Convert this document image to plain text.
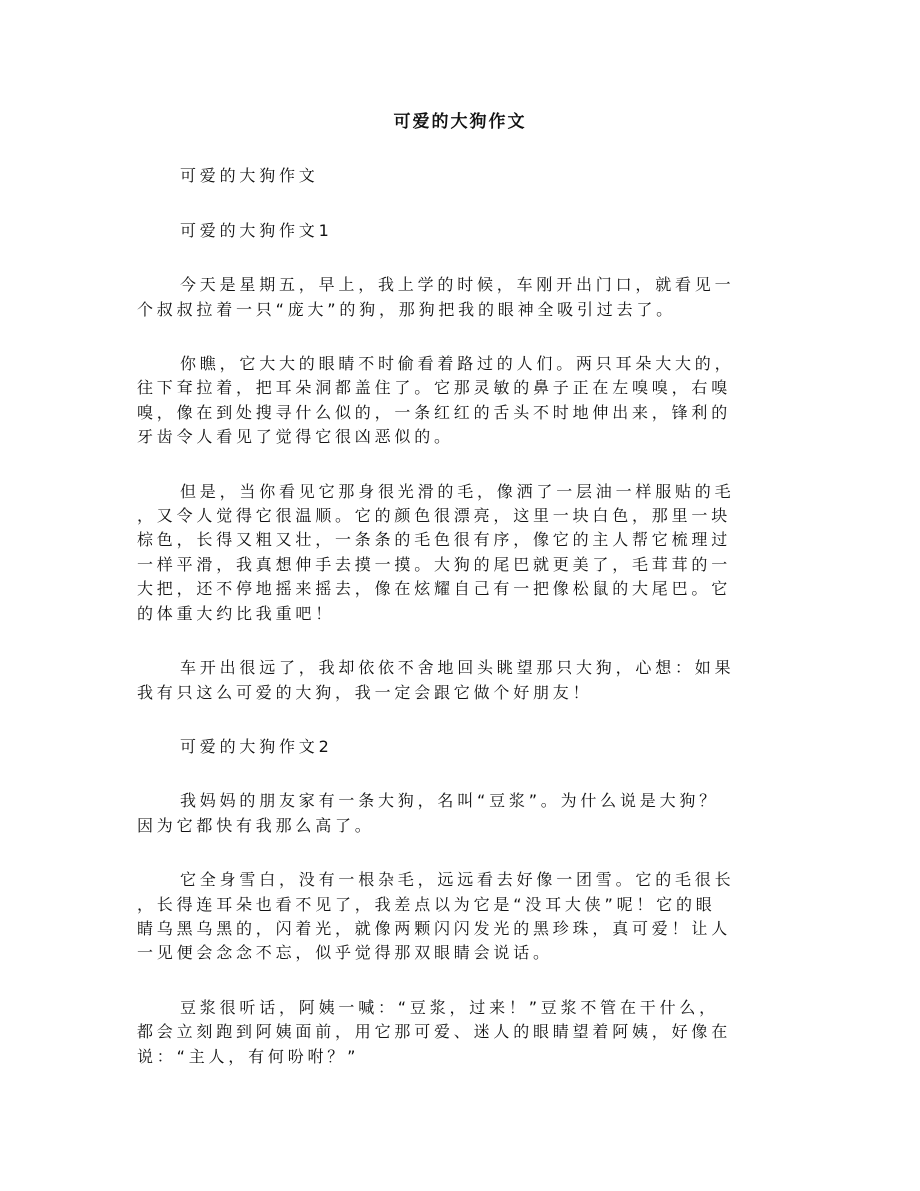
可爱的大狗作文

可爱的大狗作文

可爱的大狗作文1

今天是星期五，早上，我上学的时候，车刚开出门口，就看见一
个叔叔拉着一只“庞大”的狗，那狗把我的眼神全吸引过去了。

你瞧，它大大的眼睛不时偷看着路过的人们。两只耳朵大大的，
往下耷拉着，把耳朵洞都盖住了。它那灵敏的鼻子正在左嗅嗅，右嗅
嗅，像在到处搜寻什么似的，一条红红的舌头不时地伸出来，锋利的
牙齿令人看见了觉得它很凶恶似的。

但是，当你看见它那身很光滑的毛，像洒了一层油一样服贴的毛
，又令人觉得它很温顺。它的颜色很漂亮，这里一块白色，那里一块
棕色，长得又粗又壮，一条条的毛色很有序，像它的主人帮它梳理过
一样平滑，我真想伸手去摸一摸。大狗的尾巴就更美了，毛茸茸的一
大把，还不停地摇来摇去，像在炫耀自己有一把像松鼠的大尾巴。它
的体重大约比我重吧！

车开出很远了，我却依依不舍地回头眺望那只大狗，心想：如果
我有只这么可爱的大狗，我一定会跟它做个好朋友！

可爱的大狗作文2

我妈妈的朋友家有一条大狗，名叫“豆浆”。为什么说是大狗？
因为它都快有我那么高了。

它全身雪白，没有一根杂毛，远远看去好像一团雪。它的毛很长
，长得连耳朵也看不见了，我差点以为它是“没耳大侠”呢！它的眼
睛乌黑乌黑的，闪着光，就像两颗闪闪发光的黑珍珠，真可爱！让人
一见便会念念不忘，似乎觉得那双眼睛会说话。

豆浆很听话，阿姨一喊：“豆浆，过来！”豆浆不管在干什么，
都会立刻跑到阿姨面前，用它那可爱、迷人的眼睛望着阿姨，好像在
说：“主人，有何吩咐？”
